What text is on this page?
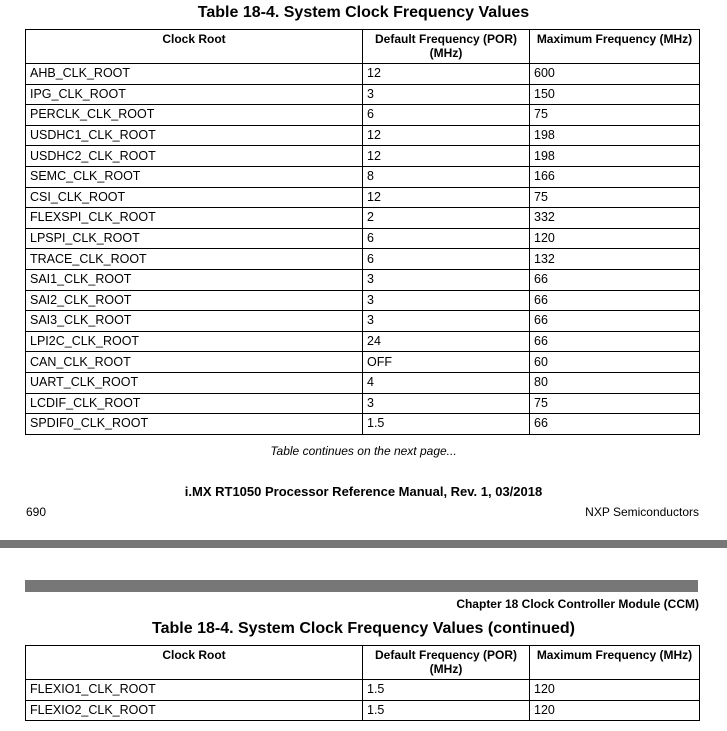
Table 18-4. System Clock Frequency Values
Clock Root	Default Frequency (POR) (MHz)	Maximum Frequency (MHz)
AHB_CLK_ROOT	12	600
IPG_CLK_ROOT	3	150
PERCLK_CLK_ROOT	6	75
USDHC1_CLK_ROOT	12	198
USDHC2_CLK_ROOT	12	198
SEMC_CLK_ROOT	8	166
CSI_CLK_ROOT	12	75
FLEXSPI_CLK_ROOT	2	332
LPSPI_CLK_ROOT	6	120
TRACE_CLK_ROOT	6	132
SAI1_CLK_ROOT	3	66
SAI2_CLK_ROOT	3	66
SAI3_CLK_ROOT	3	66
LPI2C_CLK_ROOT	24	66
CAN_CLK_ROOT	OFF	60
UART_CLK_ROOT	4	80
LCDIF_CLK_ROOT	3	75
SPDIF0_CLK_ROOT	1.5	66
Table continues on the next page...
i.MX RT1050 Processor Reference Manual, Rev. 1, 03/2018
690	NXP Semiconductors
Chapter 18 Clock Controller Module (CCM)
Table 18-4. System Clock Frequency Values (continued)
Clock Root	Default Frequency (POR) (MHz)	Maximum Frequency (MHz)
FLEXIO1_CLK_ROOT	1.5	120
FLEXIO2_CLK_ROOT	1.5	120
